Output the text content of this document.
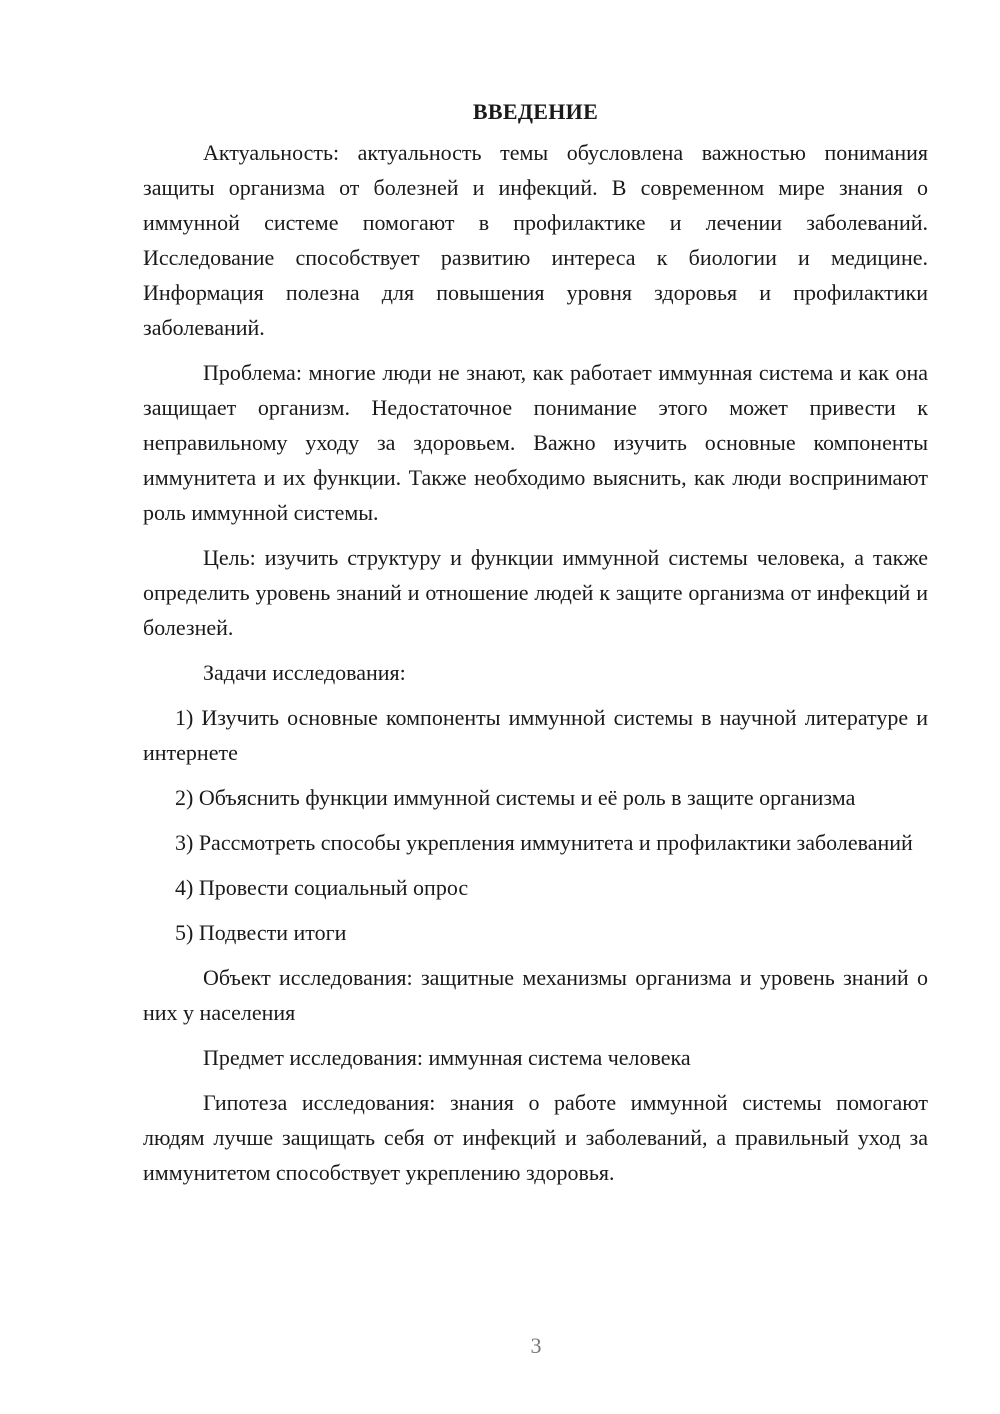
ВВЕДЕНИЕ

Актуальность: актуальность темы обусловлена важностью понимания защиты организма от болезней и инфекций. В современном мире знания о иммунной системе помогают в профилактике и лечении заболеваний. Исследование способствует развитию интереса к биологии и медицине. Информация полезна для повышения уровня здоровья и профилактики заболеваний.

Проблема: многие люди не знают, как работает иммунная система и как она защищает организм. Недостаточное понимание этого может привести к неправильному уходу за здоровьем. Важно изучить основные компоненты иммунитета и их функции. Также необходимо выяснить, как люди воспринимают роль иммунной системы.

Цель: изучить структуру и функции иммунной системы человека, а также определить уровень знаний и отношение людей к защите организма от инфекций и болезней.

Задачи исследования:
1) Изучить основные компоненты иммунной системы в научной литературе и интернете
2) Объяснить функции иммунной системы и её роль в защите организма
3) Рассмотреть способы укрепления иммунитета и профилактики заболеваний
4) Провести социальный опрос
5) Подвести итоги

Объект исследования: защитные механизмы организма и уровень знаний о них у населения

Предмет исследования: иммунная система человека

Гипотеза исследования: знания о работе иммунной системы помогают людям лучше защищать себя от инфекций и заболеваний, а правильный уход за иммунитетом способствует укреплению здоровья.

3
